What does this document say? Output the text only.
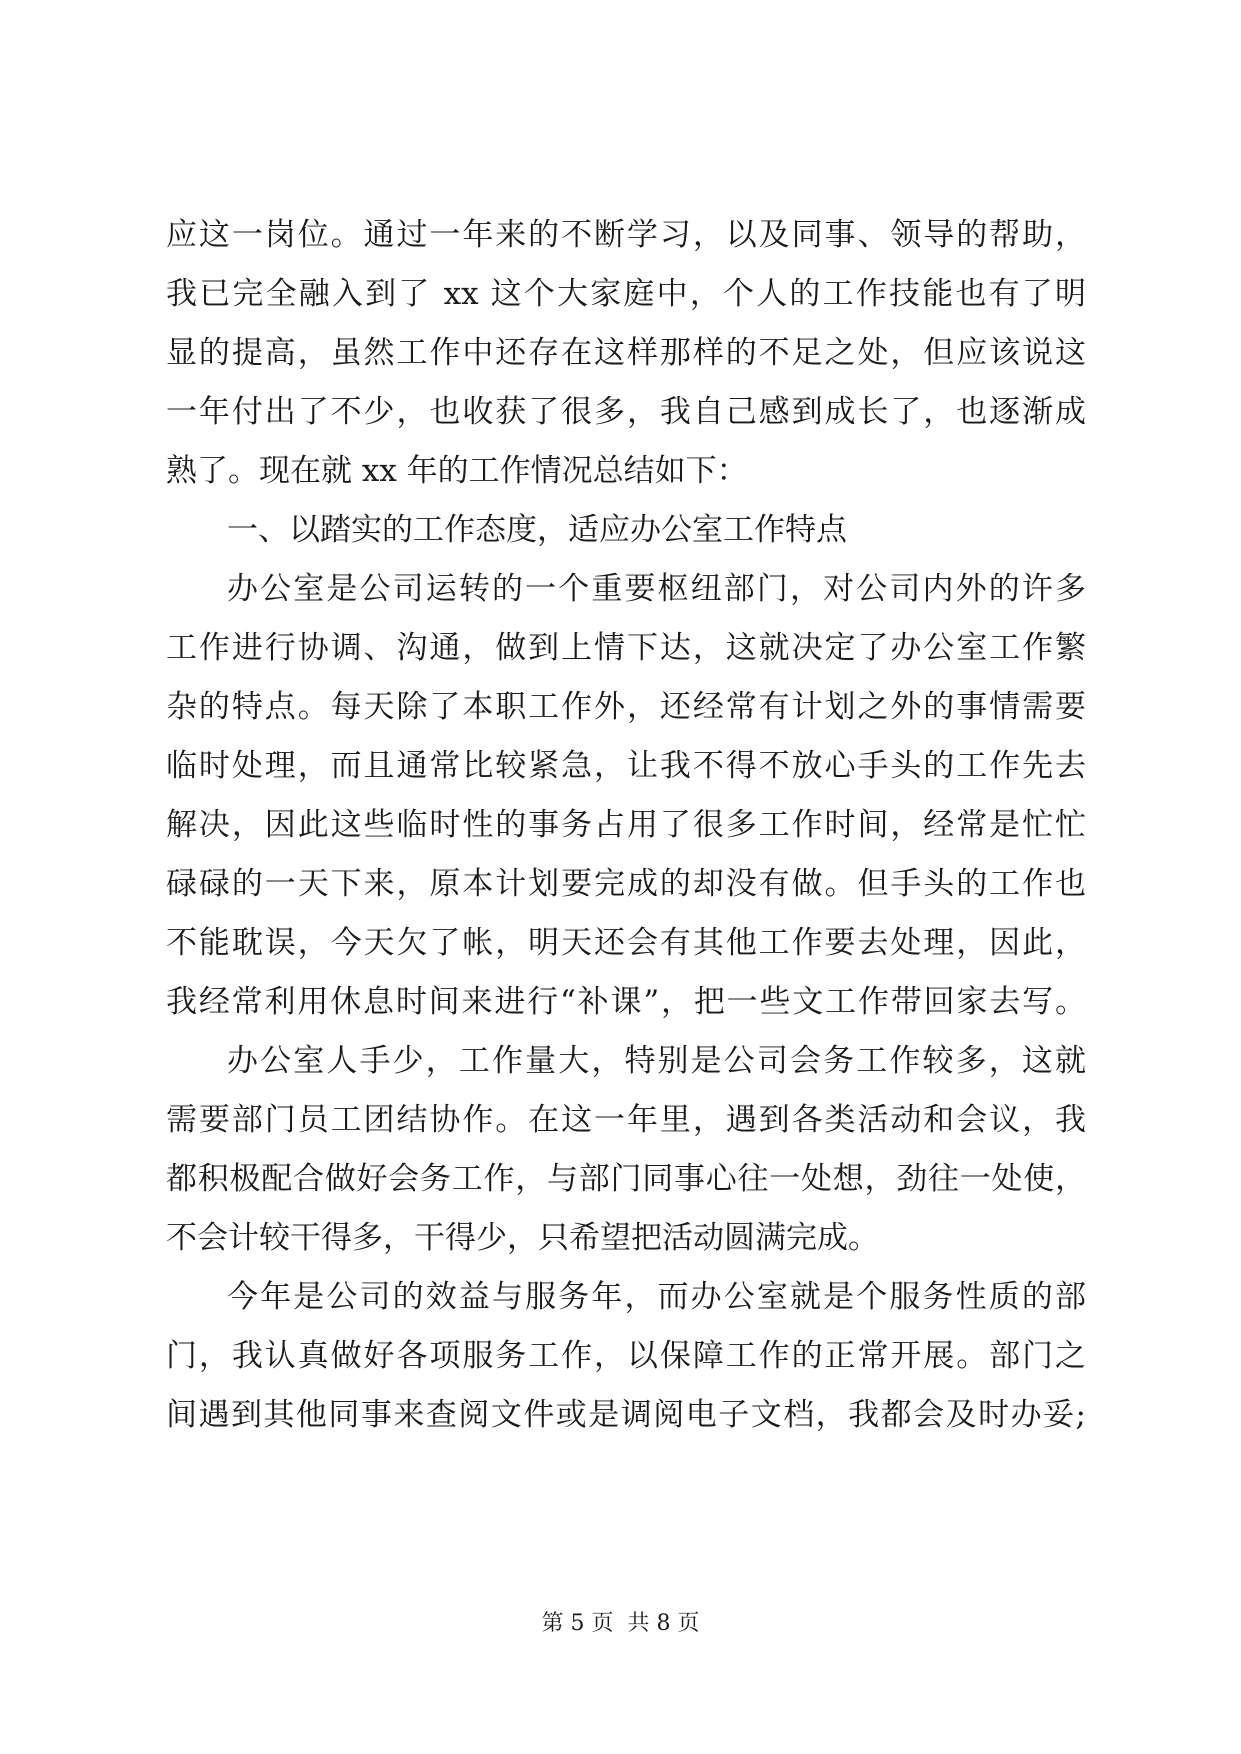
应这一岗位。通过一年来的不断学习，以及同事、领导的帮助，
我已完全融入到了 xx 这个大家庭中，个人的工作技能也有了明
显的提高，虽然工作中还存在这样那样的不足之处，但应该说这
一年付出了不少，也收获了很多，我自己感到成长了，也逐渐成
熟了。现在就 xx 年的工作情况总结如下：
一、以踏实的工作态度，适应办公室工作特点
办公室是公司运转的一个重要枢纽部门，对公司内外的许多
工作进行协调、沟通，做到上情下达，这就决定了办公室工作繁
杂的特点。每天除了本职工作外，还经常有计划之外的事情需要
临时处理，而且通常比较紧急，让我不得不放心手头的工作先去
解决，因此这些临时性的事务占用了很多工作时间，经常是忙忙
碌碌的一天下来，原本计划要完成的却没有做。但手头的工作也
不能耽误，今天欠了帐，明天还会有其他工作要去处理，因此，
我经常利用休息时间来进行“补课”，把一些文工作带回家去写。
办公室人手少，工作量大，特别是公司会务工作较多，这就
需要部门员工团结协作。在这一年里，遇到各类活动和会议，我
都积极配合做好会务工作，与部门同事心往一处想，劲往一处使，
不会计较干得多，干得少，只希望把活动圆满完成。
今年是公司的效益与服务年，而办公室就是个服务性质的部
门，我认真做好各项服务工作，以保障工作的正常开展。部门之
间遇到其他同事来查阅文件或是调阅电子文档，我都会及时办妥;
第 5 页  共 8 页
